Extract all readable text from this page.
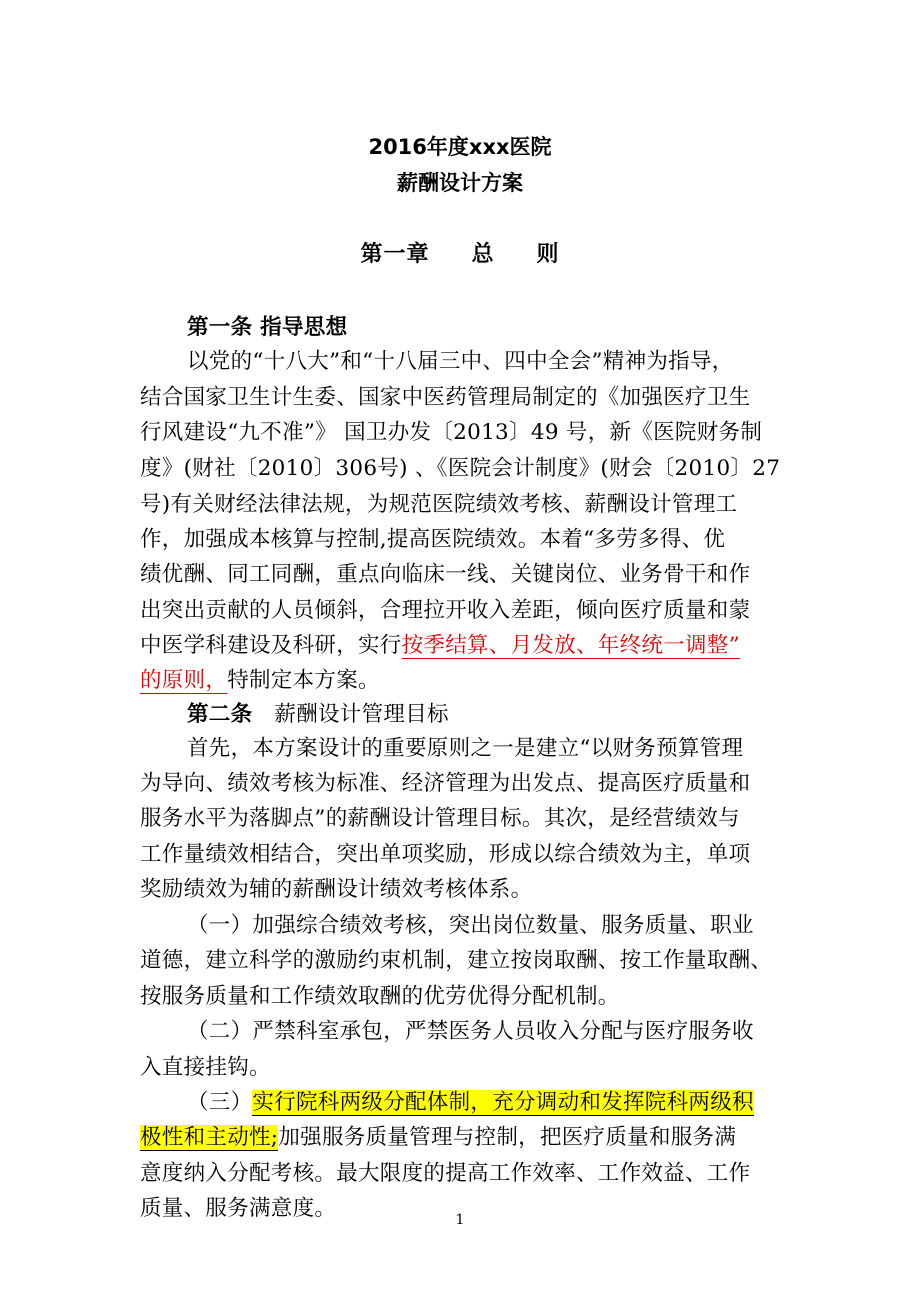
2016年度xxx医院
薪酬设计方案
第一章 总 则
第一条 指导思想
以党的“十八大”和“十八届三中、四中全会”精神为指导，
结合国家卫生计生委、国家中医药管理局制定的《加强医疗卫生
行风建设“九不准”》 国卫办发〔2013〕49 号，新《医院财务制
度》(财社〔2010〕306号) 、《医院会计制度》(财会〔2010〕27
号)有关财经法律法规，为规范医院绩效考核、薪酬设计管理工
作，加强成本核算与控制,提高医院绩效。本着“多劳多得、优
绩优酬、同工同酬，重点向临床一线、关键岗位、业务骨干和作
出突出贡献的人员倾斜，合理拉开收入差距，倾向医疗质量和蒙
中医学科建设及科研，实行按季结算、月发放、年终统一调整”
的原则，特制定本方案。
第二条 薪酬设计管理目标
首先，本方案设计的重要原则之一是建立“以财务预算管理
为导向、绩效考核为标准、经济管理为出发点、提高医疗质量和
服务水平为落脚点”的薪酬设计管理目标。其次，是经营绩效与
工作量绩效相结合，突出单项奖励，形成以综合绩效为主，单项
奖励绩效为辅的薪酬设计绩效考核体系。
（一）加强综合绩效考核，突出岗位数量、服务质量、职业
道德，建立科学的激励约束机制，建立按岗取酬、按工作量取酬、
按服务质量和工作绩效取酬的优劳优得分配机制。
（二）严禁科室承包，严禁医务人员收入分配与医疗服务收
入直接挂钩。
（三）实行院科两级分配体制，充分调动和发挥院科两级积
极性和主动性;加强服务质量管理与控制，把医疗质量和服务满
意度纳入分配考核。最大限度的提高工作效率、工作效益、工作
质量、服务满意度。	1
